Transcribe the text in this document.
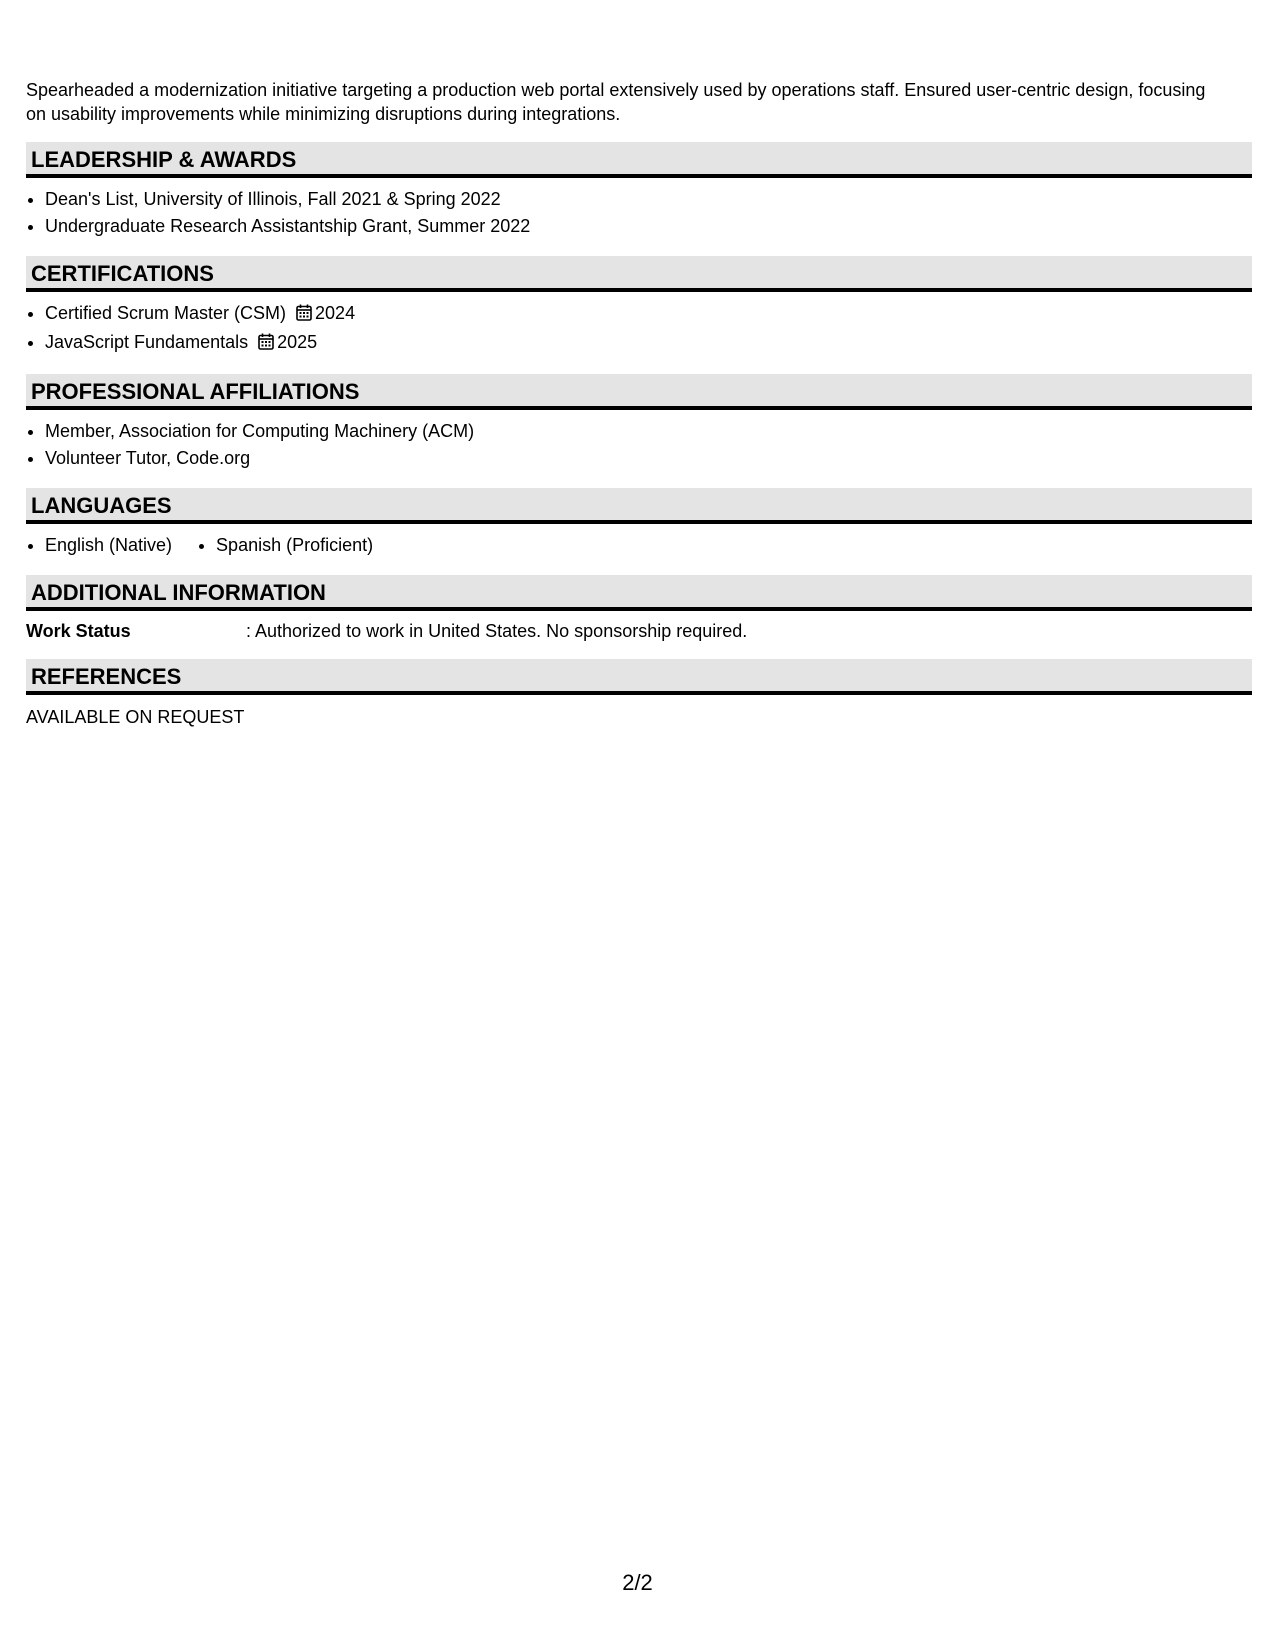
Spearheaded a modernization initiative targeting a production web portal extensively used by operations staff. Ensured user-centric design, focusing on usability improvements while minimizing disruptions during integrations.
LEADERSHIP & AWARDS
• Dean's List, University of Illinois, Fall 2021 & Spring 2022
• Undergraduate Research Assistantship Grant, Summer 2022
CERTIFICATIONS
• Certified Scrum Master (CSM) 2024
• JavaScript Fundamentals 2025
PROFESSIONAL AFFILIATIONS
• Member, Association for Computing Machinery (ACM)
• Volunteer Tutor, Code.org
LANGUAGES
• English (Native)
• Spanish (Proficient)
ADDITIONAL INFORMATION
Work Status	: Authorized to work in United States. No sponsorship required.
REFERENCES
AVAILABLE ON REQUEST
2/2
